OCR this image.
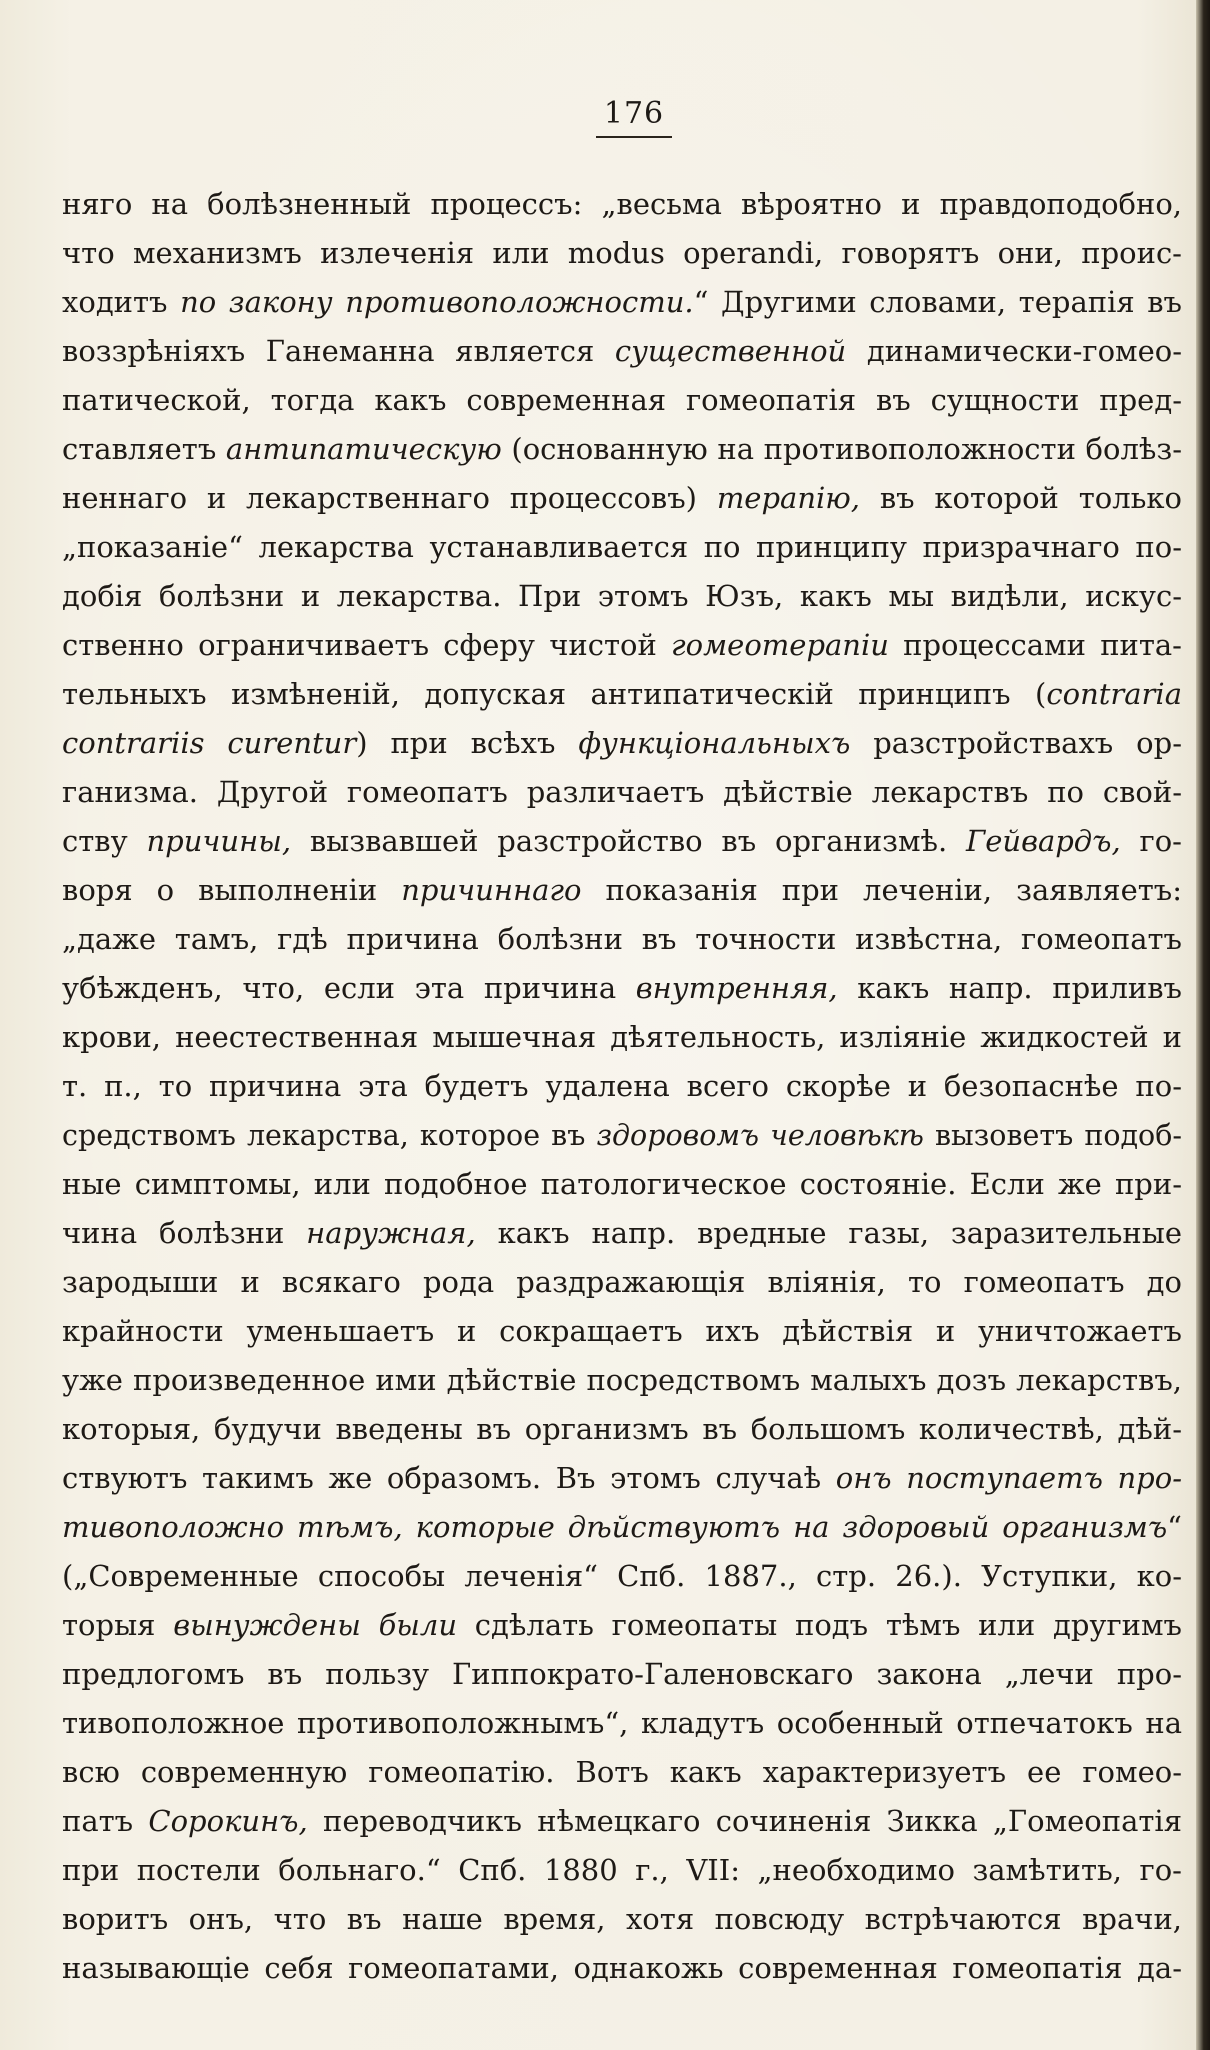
176
няго на болѣзненный процессъ: „весьма вѣроятно и правдоподобно,
что механизмъ излеченія или modus operandi, говорятъ они, проис-
ходитъ по закону противоположности.“ Другими словами, терапія въ
воззрѣніяхъ Ганеманна является существенной динамически-гомео-
патической, тогда какъ современная гомеопатія въ сущности пред-
ставляетъ антипатическую (основанную на противоположности болѣз-
неннаго и лекарственнаго процессовъ) терапію, въ которой только
„показаніе“ лекарства устанавливается по принципу призрачнаго по-
добія болѣзни и лекарства. При этомъ Юзъ, какъ мы видѣли, искус-
ственно ограничиваетъ сферу чистой гомеотерапіи процессами пита-
тельныхъ измѣненій, допуская антипатическій принципъ (contraria
contrariis curentur) при всѣхъ функціональныхъ разстройствахъ ор-
ганизма. Другой гомеопатъ различаетъ дѣйствіе лекарствъ по свой-
ству причины, вызвавшей разстройство въ организмѣ. Гейвардъ, го-
воря о выполненіи причиннаго показанія при леченіи, заявляетъ:
„даже тамъ, гдѣ причина болѣзни въ точности извѣстна, гомеопатъ
убѣжденъ, что, если эта причина внутренняя, какъ напр. приливъ
крови, неестественная мышечная дѣятельность, изліяніе жидкостей и
т. п., то причина эта будетъ удалена всего скорѣе и безопаснѣе по-
средствомъ лекарства, которое въ здоровомъ человѣкѣ вызоветъ подоб-
ные симптомы, или подобное патологическое состояніе. Если же при-
чина болѣзни наружная, какъ напр. вредные газы, заразительные
зародыши и всякаго рода раздражающія вліянія, то гомеопатъ до
крайности уменьшаетъ и сокращаетъ ихъ дѣйствія и уничтожаетъ
уже произведенное ими дѣйствіе посредствомъ малыхъ дозъ лекарствъ,
которыя, будучи введены въ организмъ въ большомъ количествѣ, дѣй-
ствуютъ такимъ же образомъ. Въ этомъ случаѣ онъ поступаетъ про-
тивоположно тѣмъ, которые дѣйствуютъ на здоровый организмъ“
(„Современные способы леченія“ Спб. 1887., стр. 26.). Уступки, ко-
торыя вынуждены были сдѣлать гомеопаты подъ тѣмъ или другимъ
предлогомъ въ пользу Гиппократо-Галеновскаго закона „лечи про-
тивоположное противоположнымъ“, кладутъ особенный отпечатокъ на
всю современную гомеопатію. Вотъ какъ характеризуетъ ее гомео-
патъ Сорокинъ, переводчикъ нѣмецкаго сочиненія Зикка „Гомеопатія
при постели больнаго.“ Спб. 1880 г., VII: „необходимо замѣтить, го-
воритъ онъ, что въ наше время, хотя повсюду встрѣчаются врачи,
называющіе себя гомеопатами, однакожь современная гомеопатія да-
